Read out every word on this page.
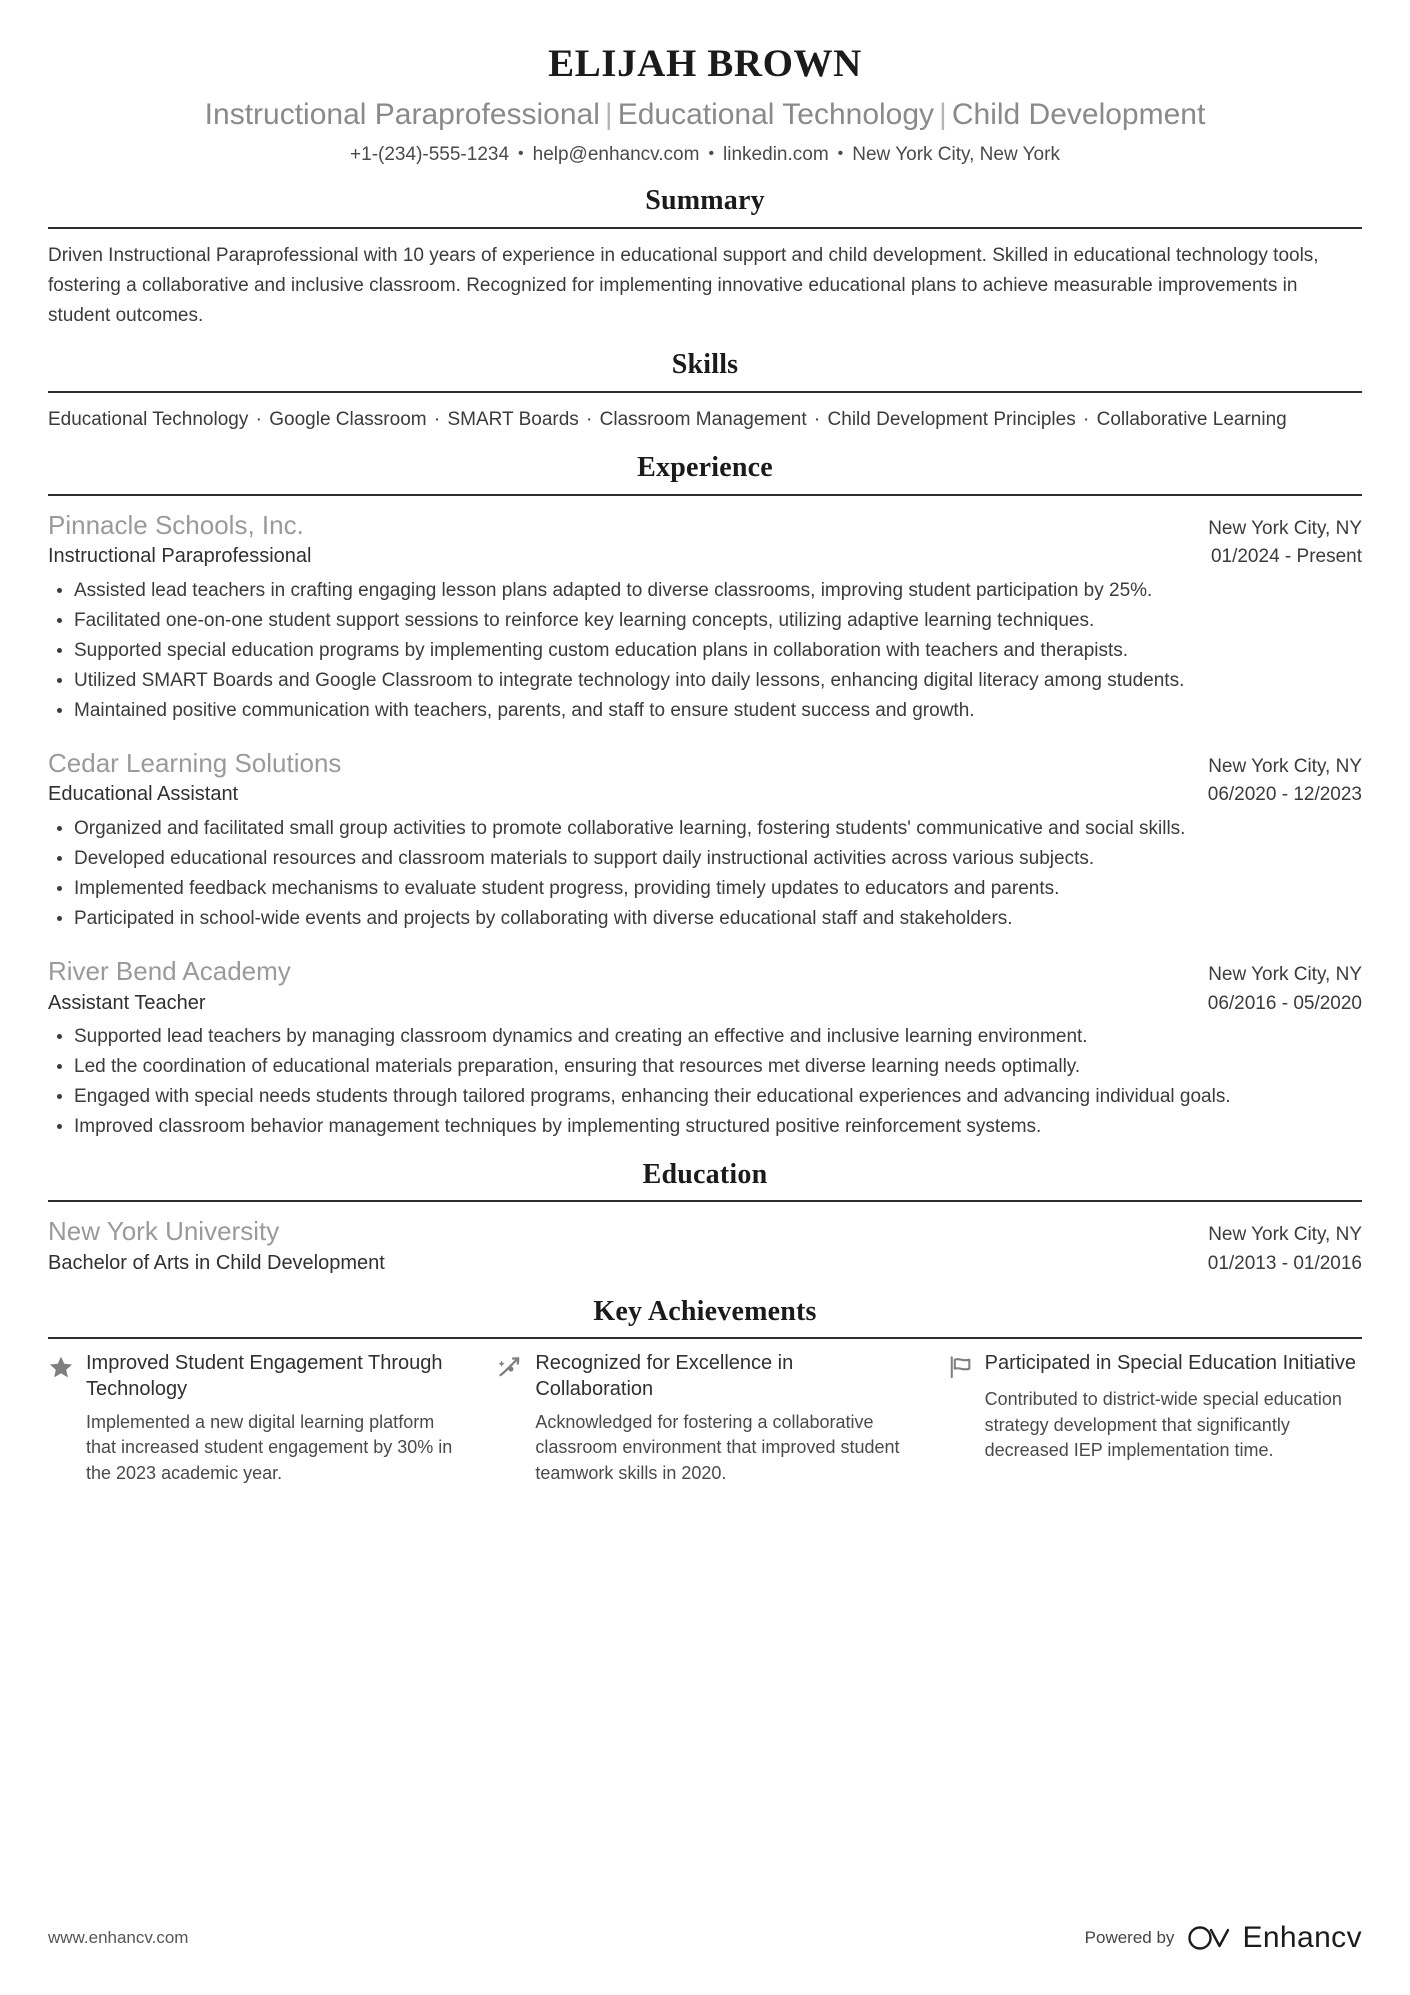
ELIJAH BROWN
Instructional Paraprofessional | Educational Technology | Child Development
+1-(234)-555-1234 • help@enhancv.com • linkedin.com • New York City, New York
Summary
Driven Instructional Paraprofessional with 10 years of experience in educational support and child development. Skilled in educational technology tools, fostering a collaborative and inclusive classroom. Recognized for implementing innovative educational plans to achieve measurable improvements in student outcomes.
Skills
Educational Technology · Google Classroom · SMART Boards · Classroom Management · Child Development Principles · Collaborative Learning
Experience
Pinnacle Schools, Inc.	New York City, NY
Instructional Paraprofessional	01/2024 - Present
Assisted lead teachers in crafting engaging lesson plans adapted to diverse classrooms, improving student participation by 25%.
Facilitated one-on-one student support sessions to reinforce key learning concepts, utilizing adaptive learning techniques.
Supported special education programs by implementing custom education plans in collaboration with teachers and therapists.
Utilized SMART Boards and Google Classroom to integrate technology into daily lessons, enhancing digital literacy among students.
Maintained positive communication with teachers, parents, and staff to ensure student success and growth.
Cedar Learning Solutions	New York City, NY
Educational Assistant	06/2020 - 12/2023
Organized and facilitated small group activities to promote collaborative learning, fostering students' communicative and social skills.
Developed educational resources and classroom materials to support daily instructional activities across various subjects.
Implemented feedback mechanisms to evaluate student progress, providing timely updates to educators and parents.
Participated in school-wide events and projects by collaborating with diverse educational staff and stakeholders.
River Bend Academy	New York City, NY
Assistant Teacher	06/2016 - 05/2020
Supported lead teachers by managing classroom dynamics and creating an effective and inclusive learning environment.
Led the coordination of educational materials preparation, ensuring that resources met diverse learning needs optimally.
Engaged with special needs students through tailored programs, enhancing their educational experiences and advancing individual goals.
Improved classroom behavior management techniques by implementing structured positive reinforcement systems.
Education
New York University	New York City, NY
Bachelor of Arts in Child Development	01/2013 - 01/2016
Key Achievements
Improved Student Engagement Through Technology
Implemented a new digital learning platform that increased student engagement by 30% in the 2023 academic year.
Recognized for Excellence in Collaboration
Acknowledged for fostering a collaborative classroom environment that improved student teamwork skills in 2020.
Participated in Special Education Initiative
Contributed to district-wide special education strategy development that significantly decreased IEP implementation time.
www.enhancv.com	Powered by Enhancv
